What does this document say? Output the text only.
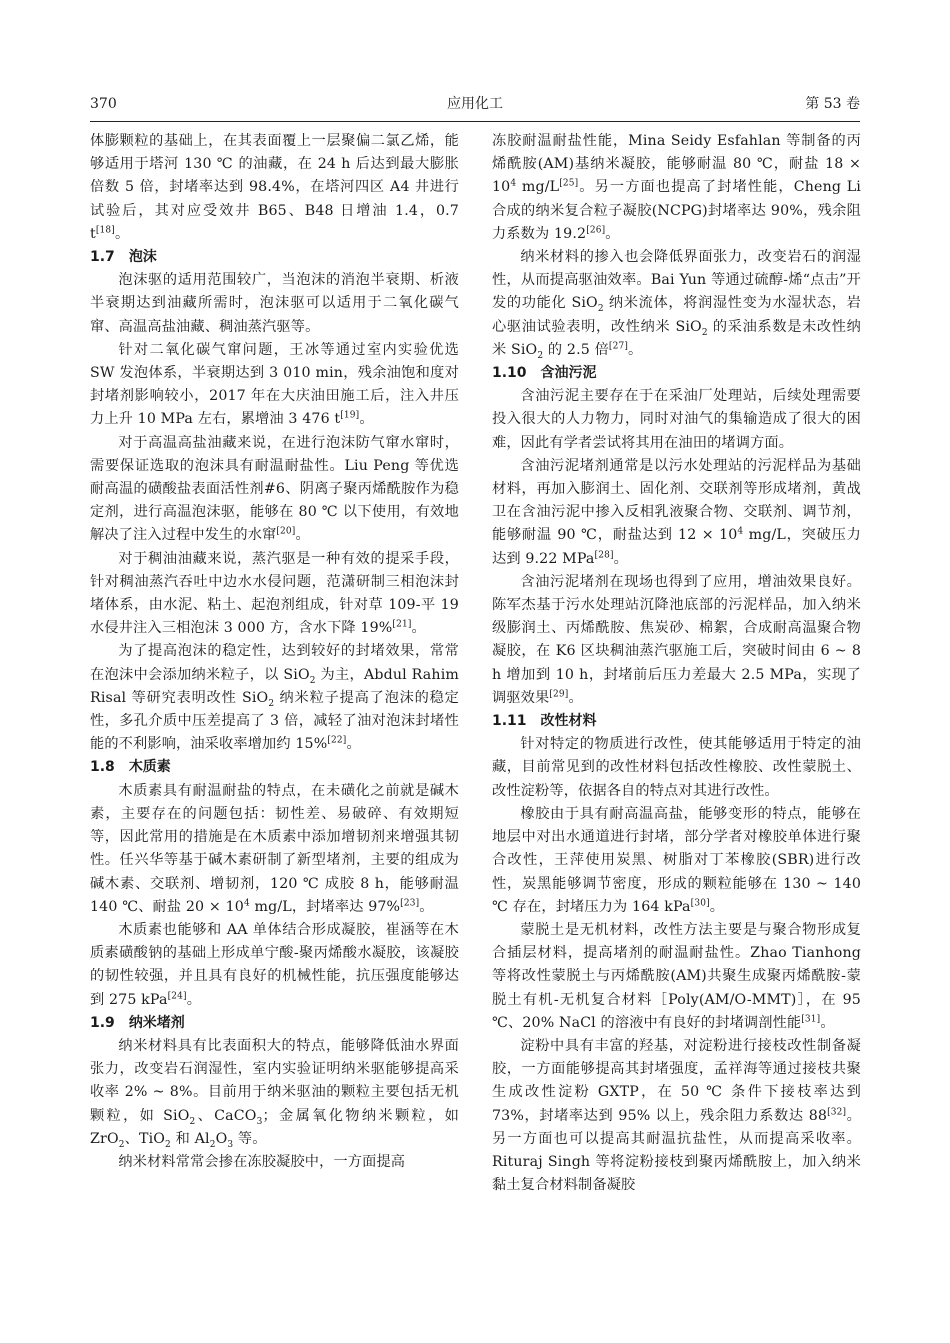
370	应用化工	第 53 卷

体膨颗粒的基础上，在其表面覆上一层聚偏二氯乙烯，能够适用于塔河 130 ℃ 的油藏，在 24 h 后达到最大膨胀倍数 5 倍，封堵率达到 98.4%，在塔河四区 A4 井进行试验后，其对应受效井 B65、B48 日增油 1.4，0.7 t[18]。

1.7 泡沫

泡沫驱的适用范围较广，当泡沫的消泡半衰期、析液半衰期达到油藏所需时，泡沫驱可以适用于二氧化碳气窜、高温高盐油藏、稠油蒸汽驱等。

针对二氧化碳气窜问题，王冰等通过室内实验优选 SW 发泡体系，半衰期达到 3 010 min，残余油饱和度对封堵剂影响较小，2017 年在大庆油田施工后，注入井压力上升 10 MPa 左右，累增油 3 476 t[19]。

对于高温高盐油藏来说，在进行泡沫防气窜水窜时，需要保证选取的泡沫具有耐温耐盐性。Liu Peng 等优选耐高温的磺酸盐表面活性剂#6、阴离子聚丙烯酰胺作为稳定剂，进行高温泡沫驱，能够在 80 ℃ 以下使用，有效地解决了注入过程中发生的水窜[20]。

对于稠油油藏来说，蒸汽驱是一种有效的提采手段，针对稠油蒸汽吞吐中边水水侵问题，范潇研制三相泡沫封堵体系，由水泥、粘土、起泡剂组成，针对草 109-平 19 水侵井注入三相泡沫 3 000 方，含水下降 19%[21]。

为了提高泡沫的稳定性，达到较好的封堵效果，常常在泡沫中会添加纳米粒子，以 SiO$_2$ 为主，Abdul Rahim Risal 等研究表明改性 SiO$_2$ 纳米粒子提高了泡沫的稳定性，多孔介质中压差提高了 3 倍，减轻了油对泡沫封堵性能的不利影响，油采收率增加约 15%[22]。

1.8 木质素

木质素具有耐温耐盐的特点，在未磺化之前就是碱木素，主要存在的问题包括：韧性差、易破碎、有效期短等，因此常用的措施是在木质素中添加增韧剂来增强其韧性。任兴华等基于碱木素研制了新型堵剂，主要的组成为碱木素、交联剂、增韧剂，120 ℃ 成胶 8 h，能够耐温 140 ℃、耐盐 $20 \times 10^4$ mg/L，封堵率达 97%[23]。

木质素也能够和 AA 单体结合形成凝胶，崔涵等在木质素磺酸钠的基础上形成单宁酸-聚丙烯酸水凝胶，该凝胶的韧性较强，并且具有良好的机械性能，抗压强度能够达到 275 kPa[24]。

1.9 纳米堵剂

纳米材料具有比表面积大的特点，能够降低油水界面张力，改变岩石润湿性，室内实验证明纳米驱能够提高采收率 2% ~ 8%。目前用于纳米驱油的颗粒主要包括无机颗粒，如 SiO$_2$、CaCO$_3$；金属氧化物纳米颗粒，如 ZrO$_2$、TiO$_2$ 和 $Al_2O_3$ 等。

纳米材料常常会掺在冻胶凝胶中，一方面提高

冻胶耐温耐盐性能，Mina Seidy Esfahlan 等制备的丙烯酰胺(AM)基纳米凝胶，能够耐温 80 ℃，耐盐 $18 \times 10^4$ mg/L[25]。另一方面也提高了封堵性能，Cheng Li 合成的纳米复合粒子凝胶(NCPG)封堵率达 90%，残余阻力系数为 19.2[26]。

纳米材料的掺入也会降低界面张力，改变岩石的润湿性，从而提高驱油效率。Bai Yun 等通过硫醇-烯“点击”开发的功能化 SiO$_2$ 纳米流体，将润湿性变为水湿状态，岩心驱油试验表明，改性纳米 SiO$_2$ 的采油系数是未改性纳米 SiO$_2$ 的 2.5 倍[27]。

1.10 含油污泥

含油污泥主要存在于在采油厂处理站，后续处理需要投入很大的人力物力，同时对油气的集输造成了很大的困难，因此有学者尝试将其用在油田的堵调方面。

含油污泥堵剂通常是以污水处理站的污泥样品为基础材料，再加入膨润土、固化剂、交联剂等形成堵剂，黄战卫在含油污泥中掺入反相乳液聚合物、交联剂、调节剂，能够耐温 90 ℃，耐盐达到 $12 \times 10^4$ mg/L，突破压力达到 9.22 MPa[28]。

含油污泥堵剂在现场也得到了应用，增油效果良好。陈军杰基于污水处理站沉降池底部的污泥样品，加入纳米级膨润土、丙烯酰胺、焦炭砂、棉絮，合成耐高温聚合物凝胶，在 K6 区块稠油蒸汽驱施工后，突破时间由 6 ~ 8 h 增加到 10 h，封堵前后压力差最大 2.5 MPa，实现了调驱效果[29]。

1.11 改性材料

针对特定的物质进行改性，使其能够适用于特定的油藏，目前常见到的改性材料包括改性橡胶、改性蒙脱土、改性淀粉等，依据各自的特点对其进行改性。

橡胶由于具有耐高温高盐，能够变形的特点，能够在地层中对出水通道进行封堵，部分学者对橡胶单体进行聚合改性，王萍使用炭黑、树脂对丁苯橡胶(SBR)进行改性，炭黑能够调节密度，形成的颗粒能够在 130 ~ 140 ℃ 存在，封堵压力为 164 kPa[30]。

蒙脱土是无机材料，改性方法主要是与聚合物形成复合插层材料，提高堵剂的耐温耐盐性。Zhao Tianhong 等将改性蒙脱土与丙烯酰胺(AM)共聚生成聚丙烯酰胺-蒙脱土有机-无机复合材料［Poly(AM/O-MMT)］，在 95 ℃、20% NaCl 的溶液中有良好的封堵调剖性能[31]。

淀粉中具有丰富的羟基，对淀粉进行接枝改性制备凝胶，一方面能够提高其封堵强度，孟祥海等通过接枝共聚生成改性淀粉 GXTP，在 50 ℃ 条件下接枝率达到 73%，封堵率达到 95% 以上，残余阻力系数达 88[32]。另一方面也可以提高其耐温抗盐性，从而提高采收率。Rituraj Singh 等将淀粉接枝到聚丙烯酰胺上，加入纳米黏土复合材料制备凝胶
